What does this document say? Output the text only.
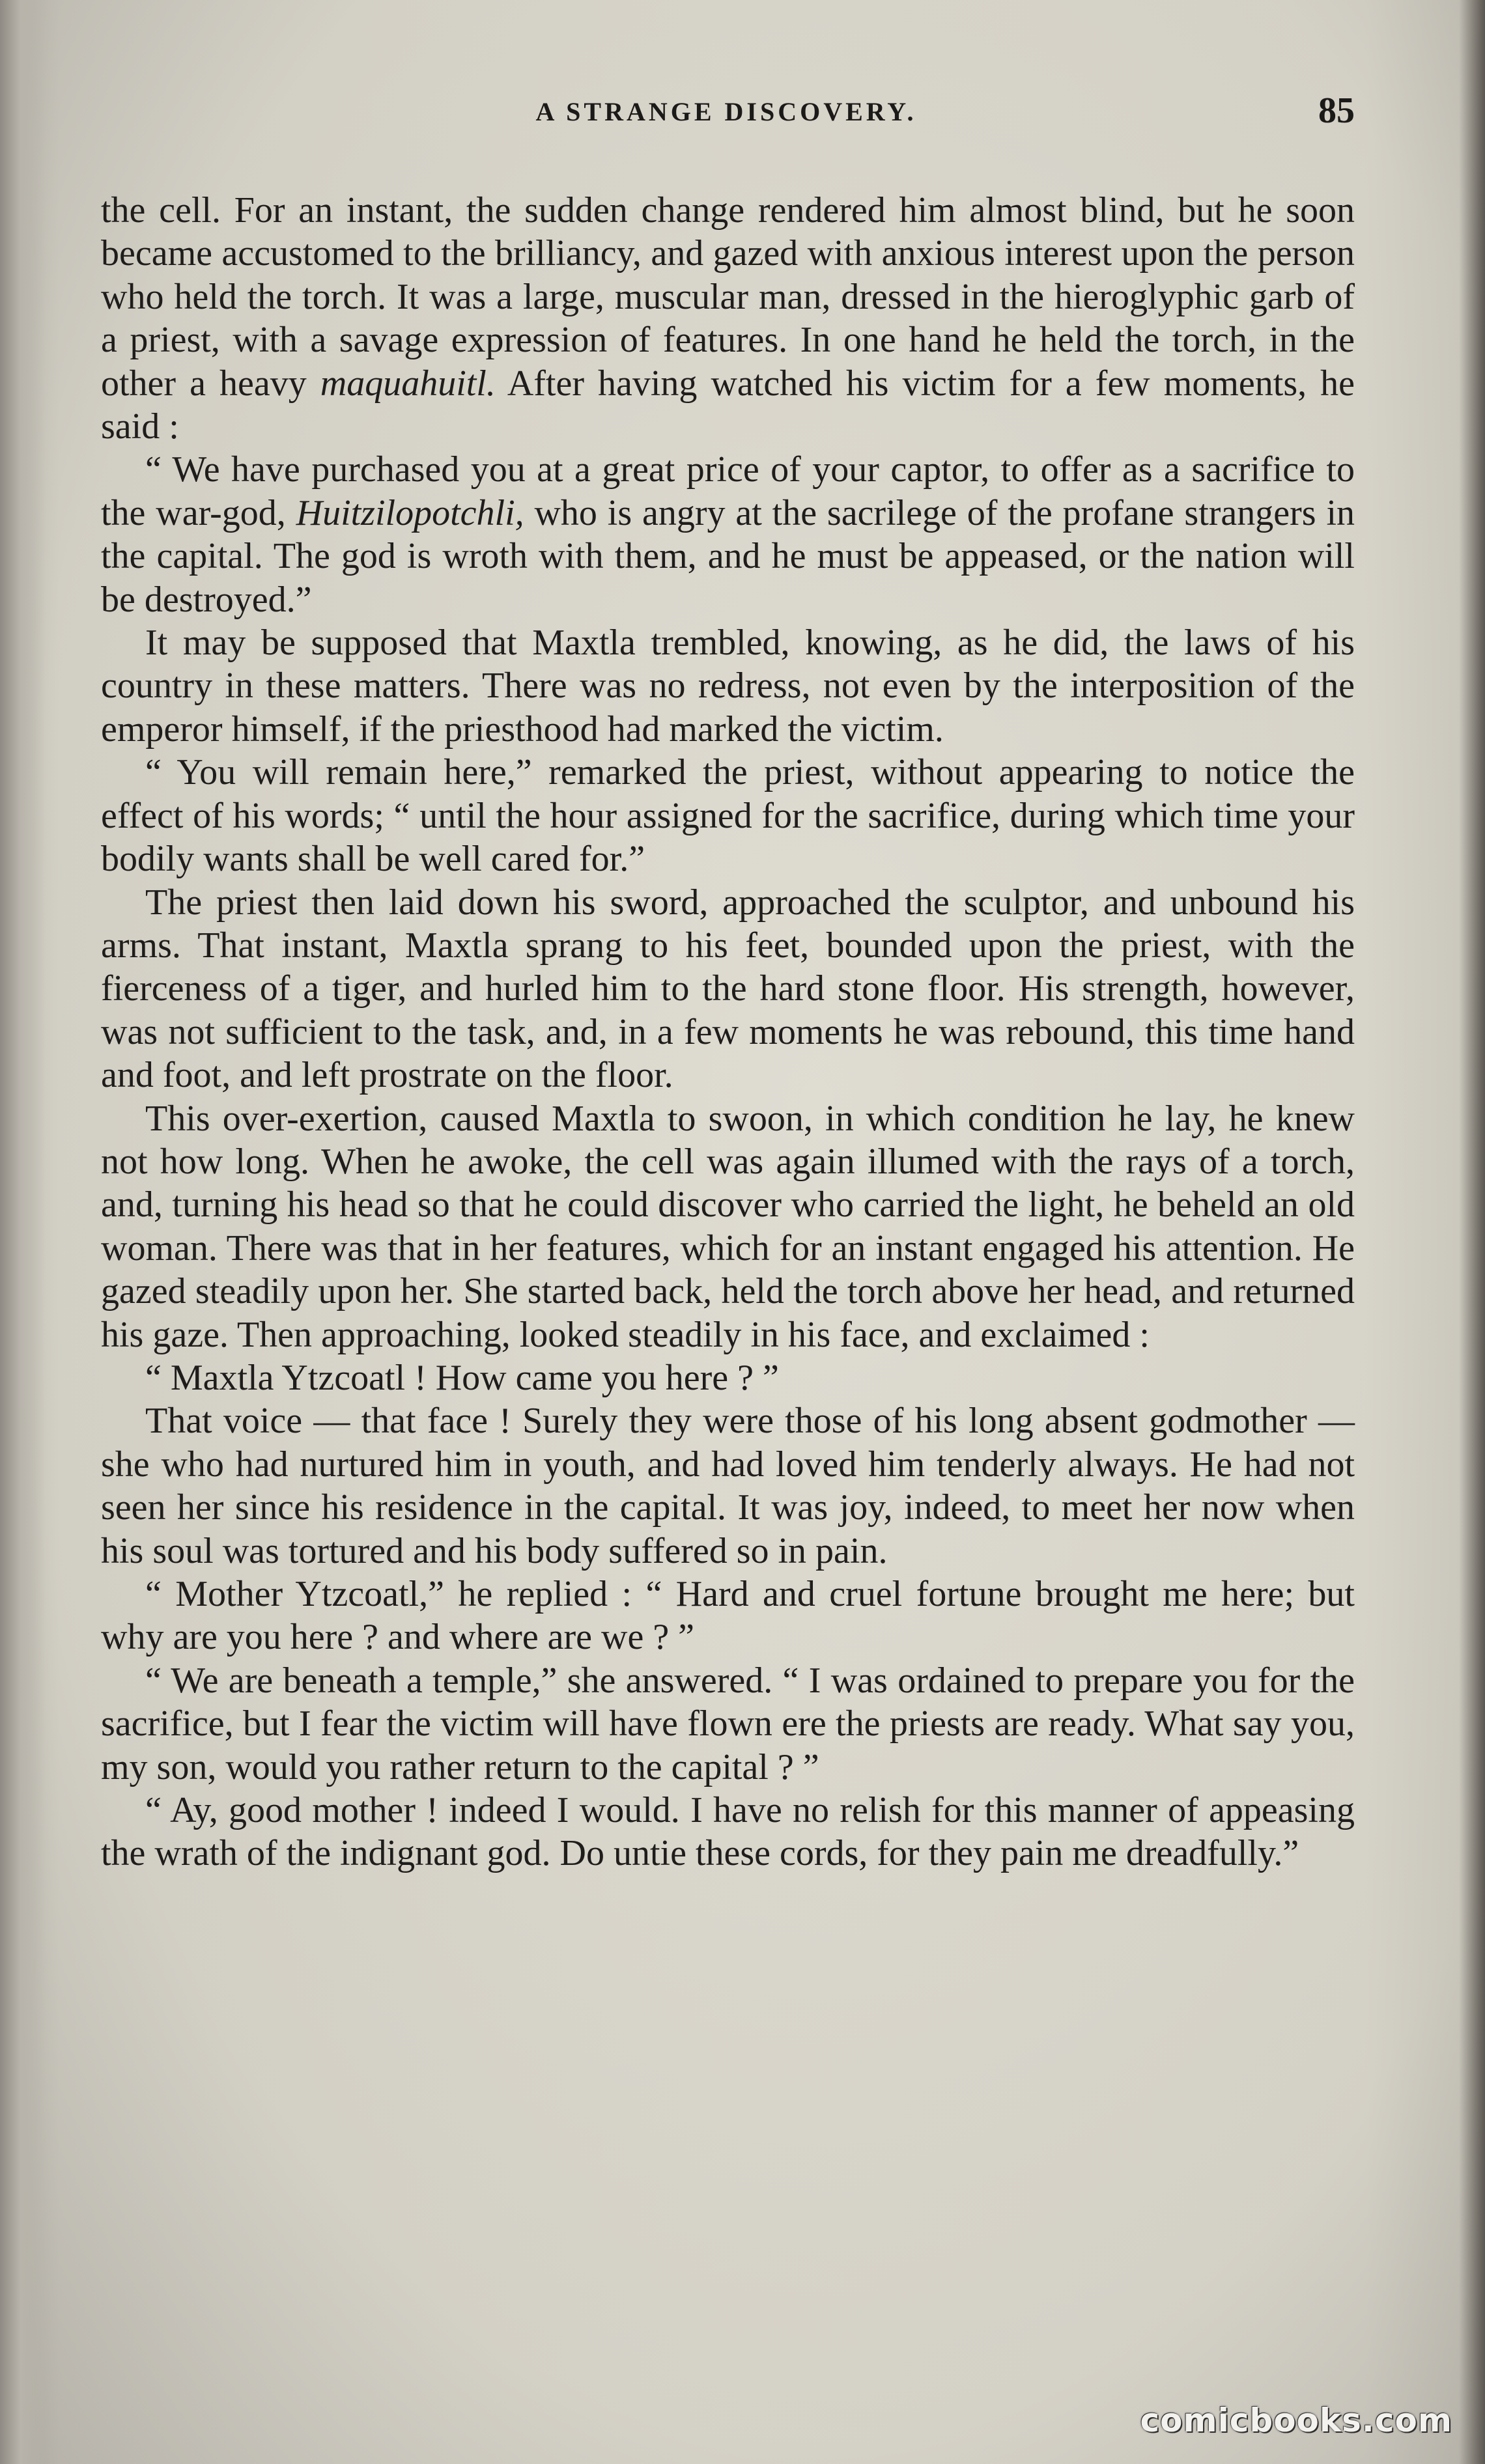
A STRANGE DISCOVERY.	85

the cell. For an instant, the sudden change rendered him almost blind, but he soon became accustomed to the brilliancy, and gazed with anxious interest upon the person who held the torch. It was a large, muscular man, dressed in the hieroglyphic garb of a priest, with a savage expression of features. In one hand he held the torch, in the other a heavy maquahuitl. After having watched his victim for a few moments, he said :

“ We have purchased you at a great price of your captor, to offer as a sacrifice to the war-god, Huitzilopotchli, who is angry at the sacrilege of the profane strangers in the capital. The god is wroth with them, and he must be appeased, or the nation will be destroyed.”

It may be supposed that Maxtla trembled, knowing, as he did, the laws of his country in these matters. There was no redress, not even by the interposition of the emperor himself, if the priesthood had marked the victim.

“ You will remain here,” remarked the priest, without appearing to notice the effect of his words; “ until the hour assigned for the sacrifice, during which time your bodily wants shall be well cared for.”

The priest then laid down his sword, approached the sculptor, and unbound his arms. That instant, Maxtla sprang to his feet, bounded upon the priest, with the fierceness of a tiger, and hurled him to the hard stone floor. His strength, however, was not sufficient to the task, and, in a few moments he was rebound, this time hand and foot, and left prostrate on the floor.

This over-exertion, caused Maxtla to swoon, in which condition he lay, he knew not how long. When he awoke, the cell was again illumed with the rays of a torch, and, turning his head so that he could discover who carried the light, he beheld an old woman. There was that in her features, which for an instant engaged his attention. He gazed steadily upon her. She started back, held the torch above her head, and returned his gaze. Then approaching, looked steadily in his face, and exclaimed :

“ Maxtla Ytzcoatl ! How came you here ? ”

That voice — that face ! Surely they were those of his long absent godmother — she who had nurtured him in youth, and had loved him tenderly always. He had not seen her since his residence in the capital. It was joy, indeed, to meet her now when his soul was tortured and his body suffered so in pain.

“ Mother Ytzcoatl,” he replied : “ Hard and cruel fortune brought me here; but why are you here ? and where are we ? ”

“ We are beneath a temple,” she answered. “ I was ordained to prepare you for the sacrifice, but I fear the victim will have flown ere the priests are ready. What say you, my son, would you rather return to the capital ? ”

“ Ay, good mother ! indeed I would. I have no relish for this manner of appeasing the wrath of the indignant god. Do untie these cords, for they pain me dreadfully.”

comicbooks.com
